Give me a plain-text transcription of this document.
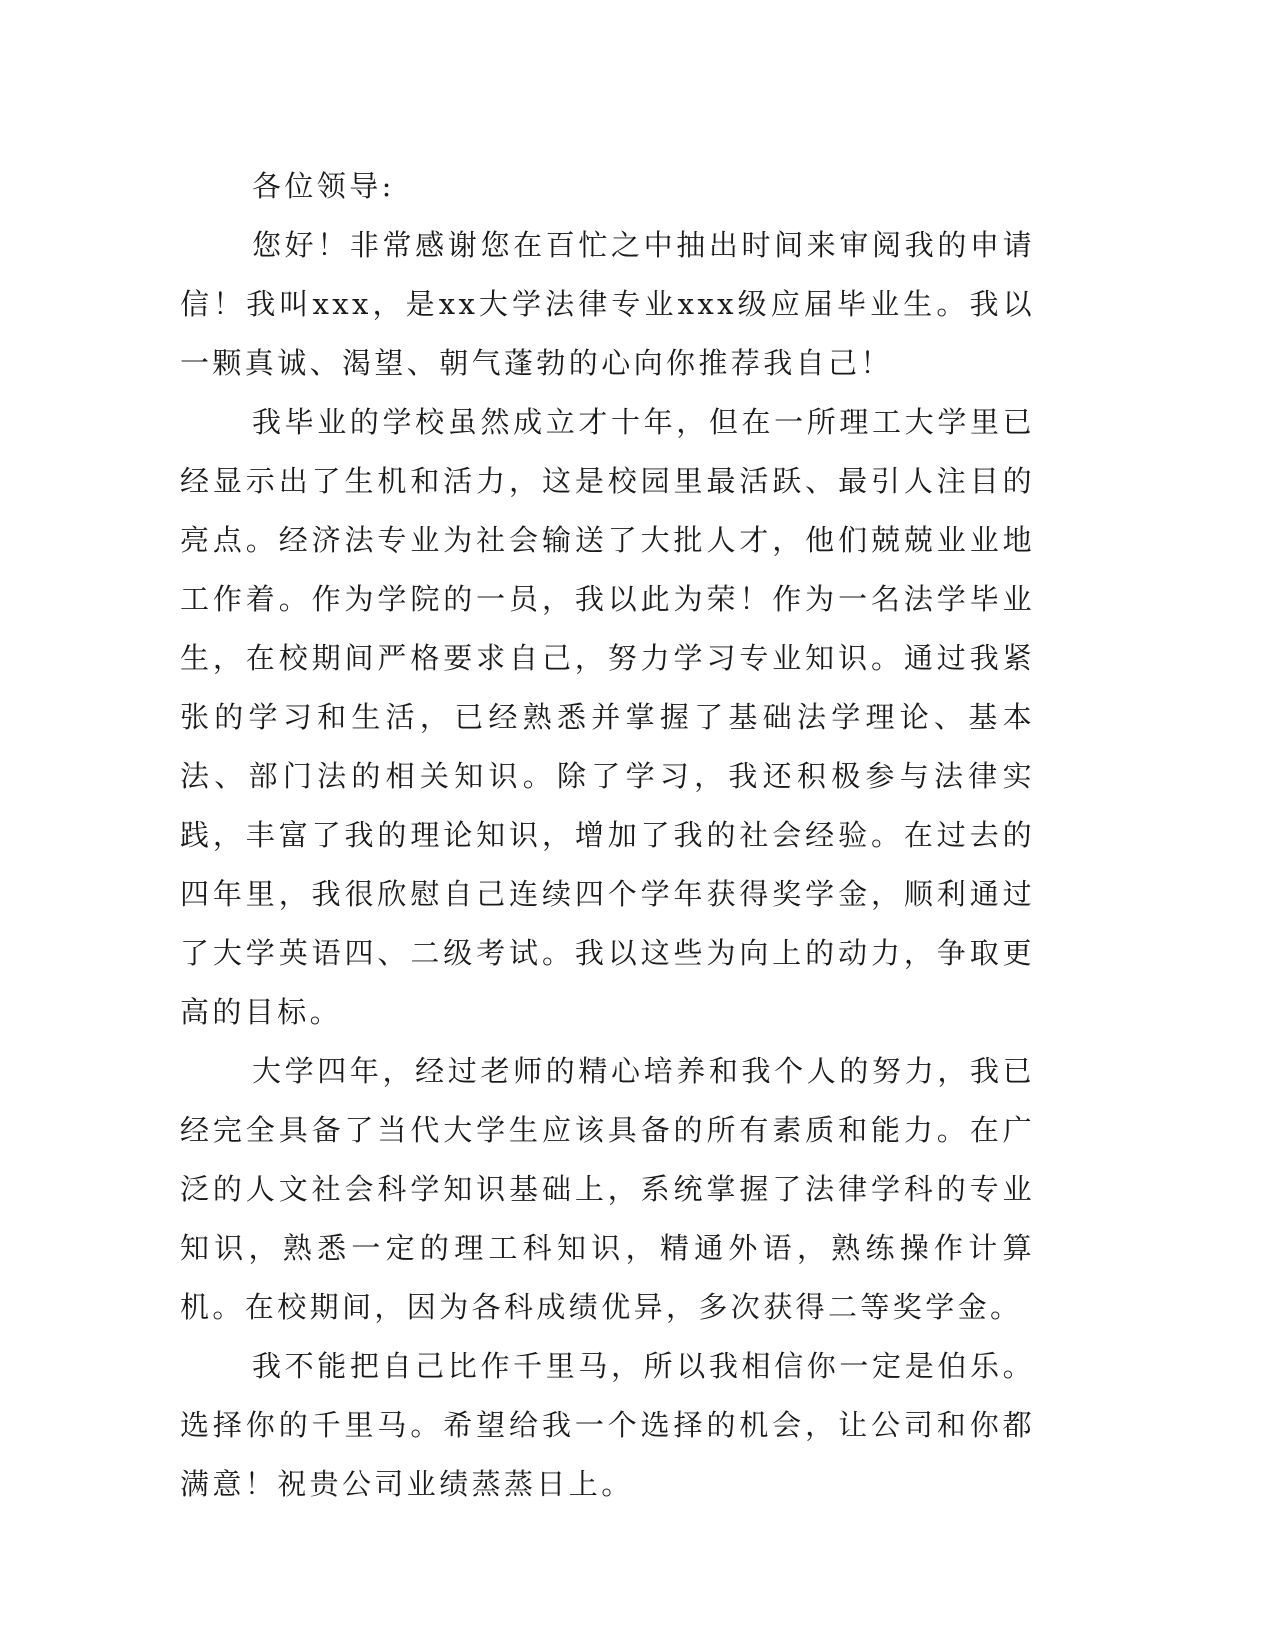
各位领导:

您好！非常感谢您在百忙之中抽出时间来审阅我的申请信！我叫xxx，是xx大学法律专业xxx级应届毕业生。我以一颗真诚、渴望、朝气蓬勃的心向你推荐我自己！

我毕业的学校虽然成立才十年，但在一所理工大学里已经显示出了生机和活力，这是校园里最活跃、最引人注目的亮点。经济法专业为社会输送了大批人才，他们兢兢业业地工作着。作为学院的一员，我以此为荣！作为一名法学毕业生，在校期间严格要求自己，努力学习专业知识。通过我紧张的学习和生活，已经熟悉并掌握了基础法学理论、基本法、部门法的相关知识。除了学习，我还积极参与法律实践，丰富了我的理论知识，增加了我的社会经验。在过去的四年里，我很欣慰自己连续四个学年获得奖学金，顺利通过了大学英语四、二级考试。我以这些为向上的动力，争取更高的目标。

大学四年，经过老师的精心培养和我个人的努力，我已经完全具备了当代大学生应该具备的所有素质和能力。在广泛的人文社会科学知识基础上，系统掌握了法律学科的专业知识，熟悉一定的理工科知识，精通外语，熟练操作计算机。在校期间，因为各科成绩优异，多次获得二等奖学金。

我不能把自己比作千里马，所以我相信你一定是伯乐。选择你的千里马。希望给我一个选择的机会，让公司和你都满意！祝贵公司业绩蒸蒸日上。
